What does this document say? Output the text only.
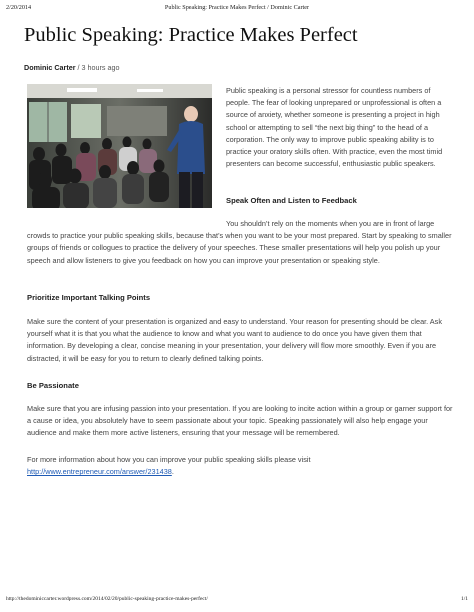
2/20/2014	Public Speaking: Practice Makes Perfect / Dominic Carter
Public Speaking: Practice Makes Perfect
Dominic Carter / 3 hours ago

Public speaking is a personal stressor for countless numbers of people. The fear of looking unprepared or unprofessional is often a source of anxiety, whether someone is presenting a project in high school or attempting to sell “the next big thing” to the head of a corporation. The only way to improve public speaking ability is to practice your oratory skills often. With practice, even the most timid presenters can become successful, enthusiastic public speakers.

Speak Often and Listen to Feedback

You shouldn’t rely on the moments when you are in front of large crowds to practice your public speaking skills, because that’s when you want to be your most prepared. Start by speaking to smaller groups of friends or collogues to practice the delivery of your speeches. These smaller presentations will help you polish up your speech and allow listeners to give you feedback on how you can improve your presentation or speaking style.

Prioritize Important Talking Points

Make sure the content of your presentation is organized and easy to understand. Your reason for presenting should be clear. Ask yourself what it is that you what the audience to know and what you want to audience to do once you have given them that information. By developing a clear, concise meaning in your presentation, your delivery will flow more smoothly. Even if you are distracted, it will be easy for you to return to clearly defined talking points.

Be Passionate

Make sure that you are infusing passion into your presentation. If you are looking to incite action within a group or garner support for a cause or idea, you absolutely have to seem passionate about your topic. Speaking passionately will also help engage your audience and make them more active listeners, ensuring that your message will be remembered.

For more information about how you can improve your public speaking skills please visit http://www.entrepreneur.com/answer/231438.

http://thedominiccarter.wordpress.com/2014/02/20/public-speaking-practice-makes-perfect/	1/1
